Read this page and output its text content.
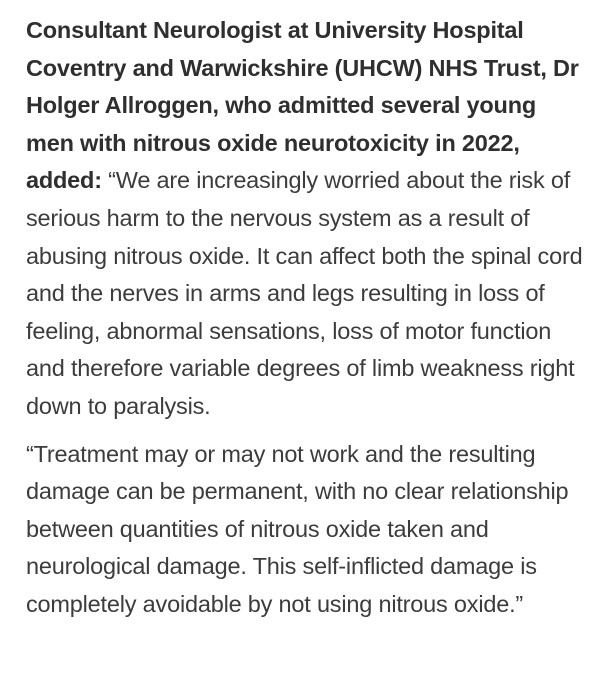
Consultant Neurologist at University Hospital Coventry and Warwickshire (UHCW) NHS Trust, Dr Holger Allroggen, who admitted several young men with nitrous oxide neurotoxicity in 2022, added: “We are increasingly worried about the risk of serious harm to the nervous system as a result of abusing nitrous oxide. It can affect both the spinal cord and the nerves in arms and legs resulting in loss of feeling, abnormal sensations, loss of motor function and therefore variable degrees of limb weakness right down to paralysis.

“Treatment may or may not work and the resulting damage can be permanent, with no clear relationship between quantities of nitrous oxide taken and neurological damage. This self-inflicted damage is completely avoidable by not using nitrous oxide.”
